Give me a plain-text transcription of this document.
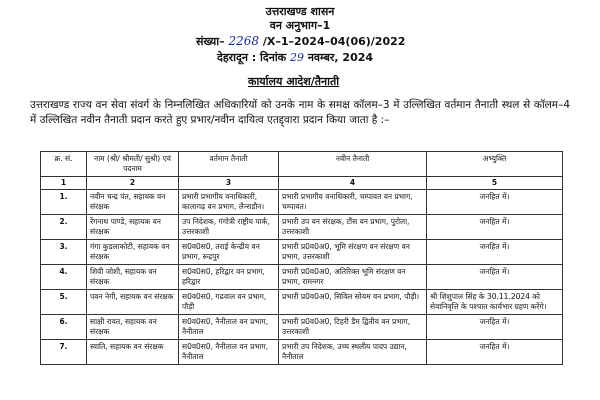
उत्तराखण्ड शासन
वन अनुभाग–1
संख्या– 2268 /X–1–2024–04(06)/2022
देहरादून : दिनांक 29 नवम्बर, 2024
कार्यालय आदेश/तैनाती
उत्तराखण्ड राज्य वन सेवा संवर्ग के निम्नलिखित अधिकारियों को उनके नाम के समक्ष कॉलम–3 में उल्लिखित वर्तमान तैनाती स्थल से कॉलम–4 में उल्लिखित नवीन तैनाती प्रदान करते हुए प्रभार/नवीन दायित्व एतद्द्वारा प्रदान किया जाता है :–
क्र. सं.	नाम (श्री/ श्रीमती/ सुश्री) एवं पदनाम	वर्तमान तैनाती	नवीन तैनाती	अभ्युक्ति
1	2	3	4	5
1.	नवीन चन्द्र पंत, सहायक वन संरक्षक	प्रभारी प्रभागीय वनाधिकारी, कालागढ़ वन प्रभाग, लैन्सडौन।	प्रभारी प्रभागीय वनाधिकारी, चम्पावत वन प्रभाग, चम्पावत।	जनहित में।
2.	रेंगनाथ पाण्डे, सहायक वन संरक्षक	उप निदेशक, गंगोत्री राष्ट्रीय पार्क, उत्तरकाशी	प्रभारी उप वन संरक्षक, टौंस वन प्रभाग, पुरोला, उत्तरकाशी	जनहित में।
3.	गंगा कुडलाकोटी, सहायक वन संरक्षक	स0व0स0, तराई केन्द्रीय वन प्रभाग, रूद्रपुर	प्रभारी प्र0व0अ0, भूमि संरक्षण वन संरक्षण वन प्रभाग, उत्तरकाशी	जनहित में।
4.	शिवी जोशी, सहायक वन संरक्षक	स0व0स0, हरिद्वार वन प्रभाग, हरिद्वार	प्रभारी प्र0व0अ0, अतिरिक्त भूमि संरक्षण वन प्रभाग, रामनगर	जनहित में।
5.	पवन नेगी, सहायक वन संरक्षक	स0व0स0, गढवाल वन प्रभाग, पौड़ी	प्रभारी प्र0व0अ0, सिविल सोयम वन प्रभाग, पौड़ी।	श्री शिशुपाल सिंह के 30.11.2024 को सेवानिवृत्ति के पश्चात कार्यभार ग्रहण करेंगे।
6.	साक्षी रावत, सहायक वन संरक्षक	स0व0स0, नैनीताल वन प्रभाग, नैनीताल	प्रभारी प्र0व0अ0, टिहरी डैम द्वितीय वन प्रभाग, उत्तरकाशी	जनहित में।
7.	स्वाति, सहायक वन संरक्षक	स0व0स0, नैनीताल वन प्रभाग, नैनीताल	प्रभारी उप निदेशक, उच्च स्थलीय पादप उद्यान, नैनीताल	जनहित में।
